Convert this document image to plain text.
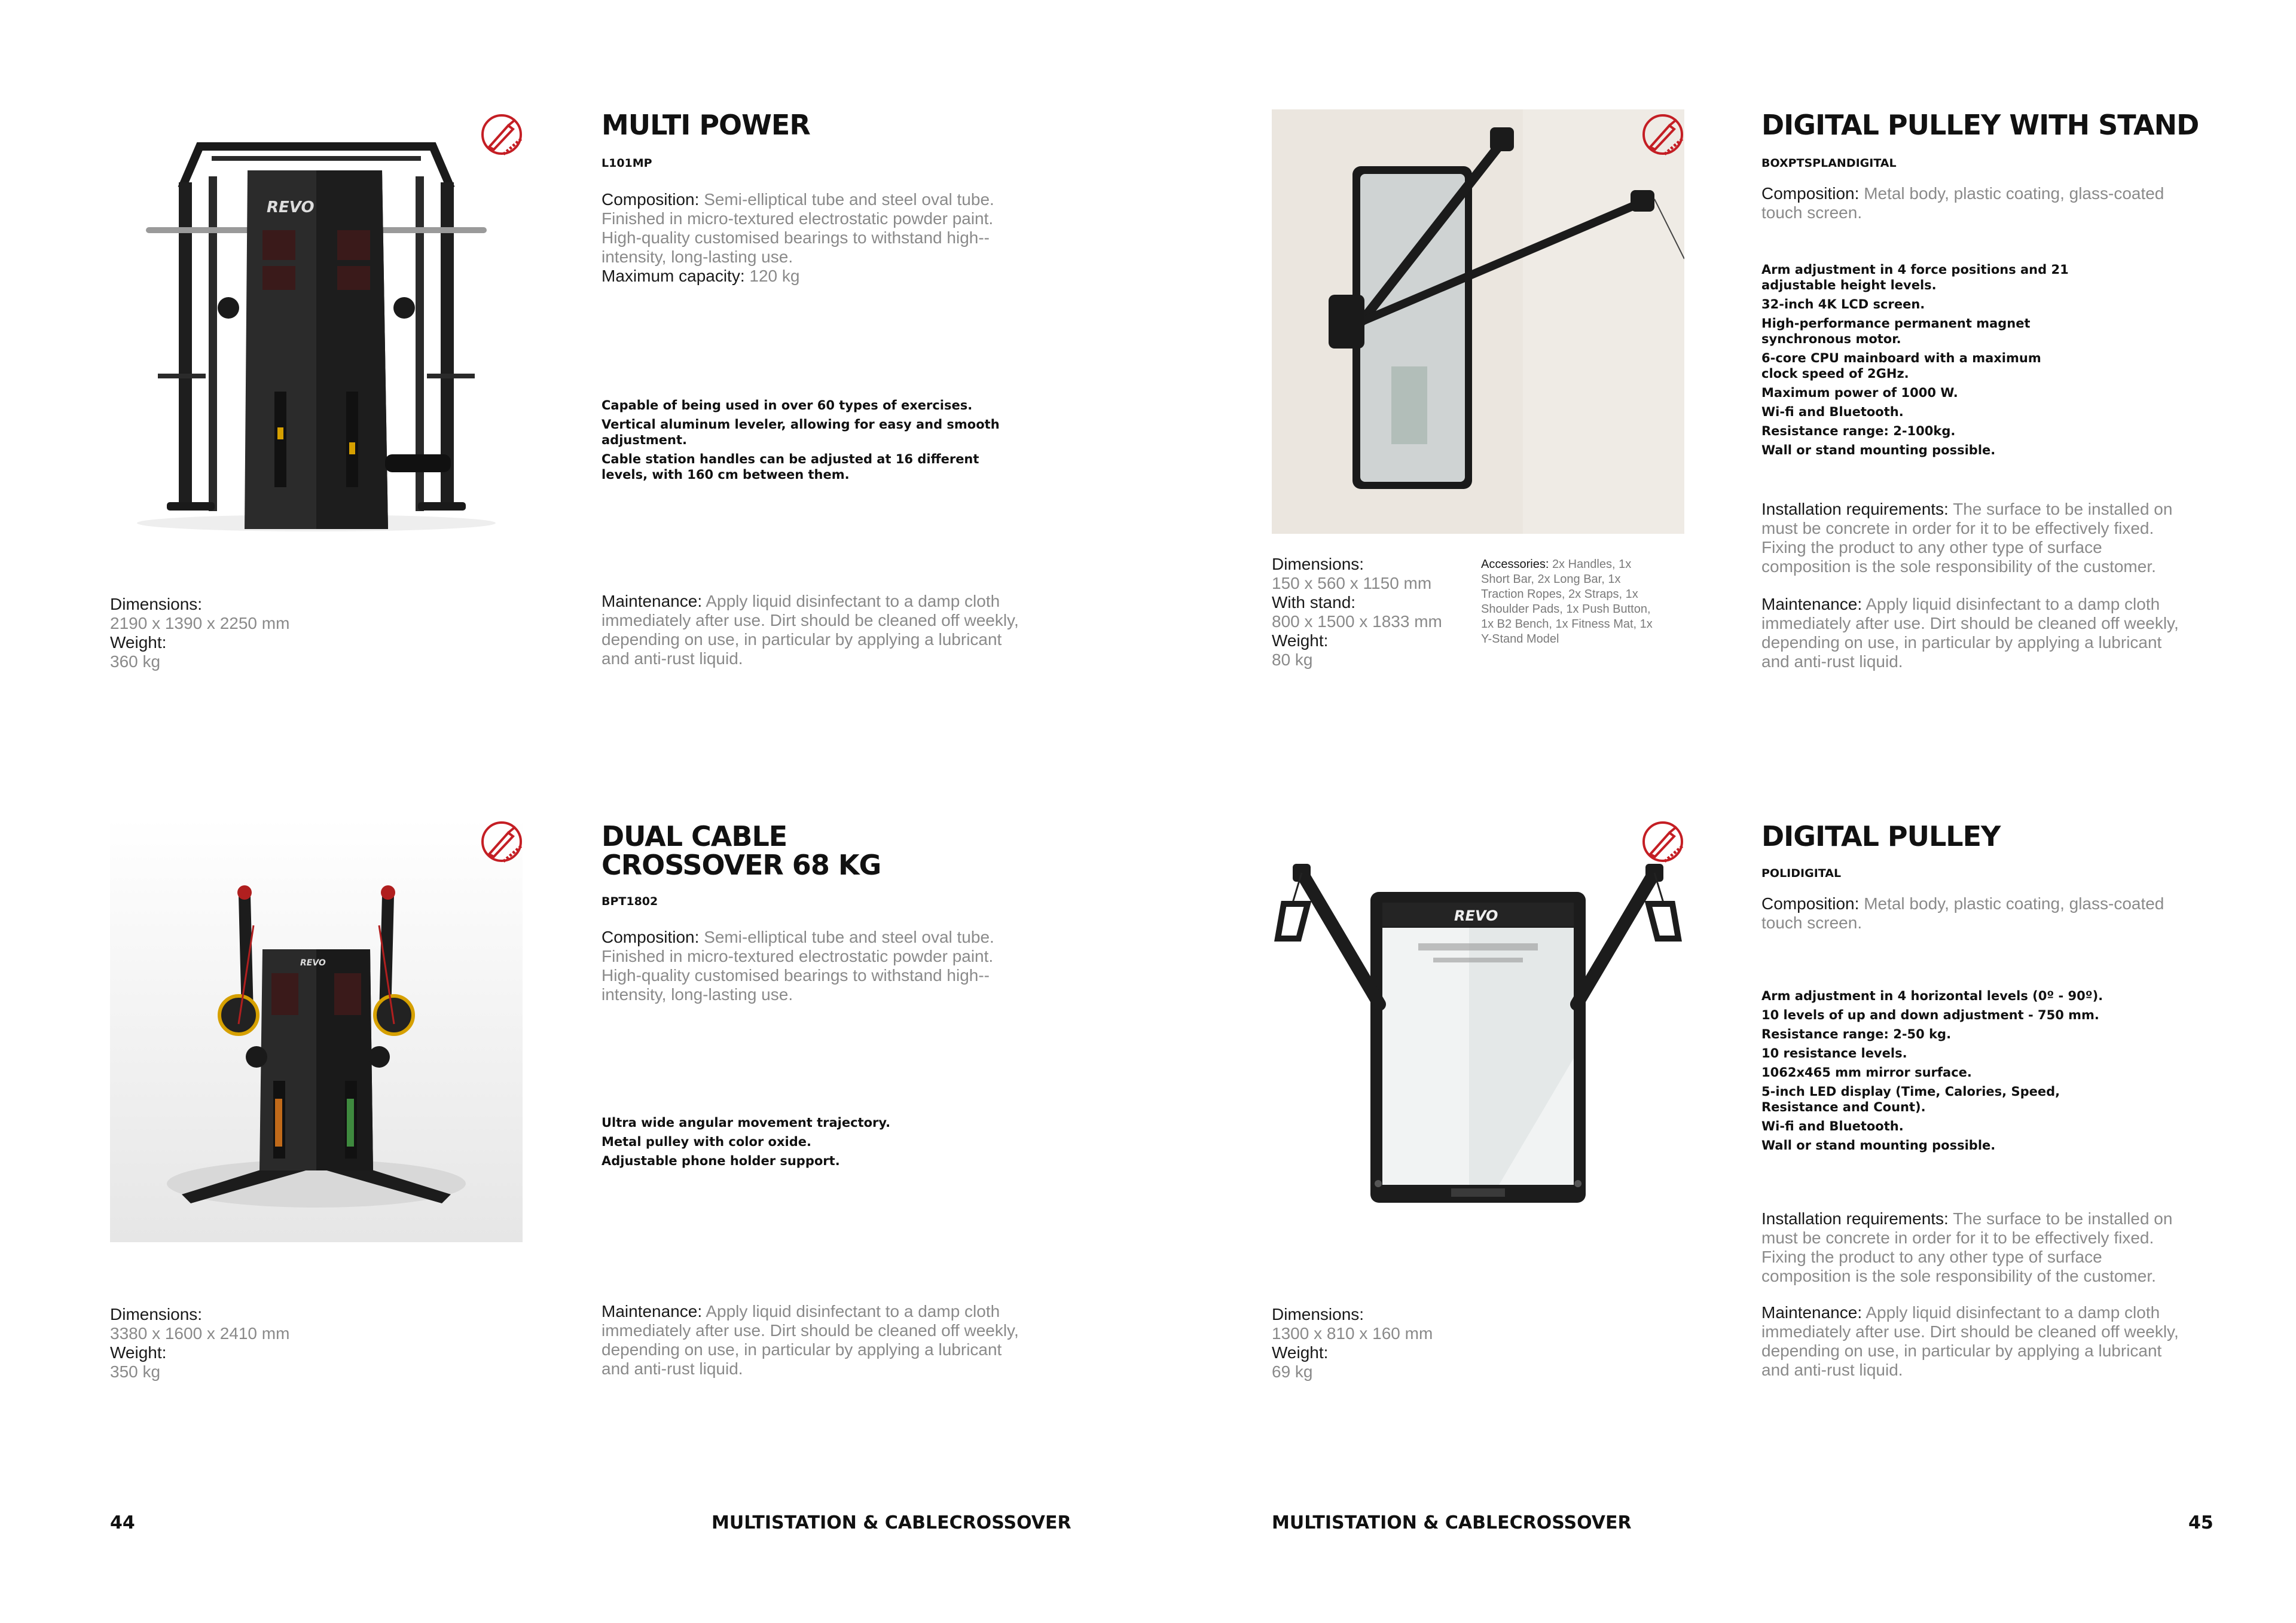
REVO
MULTI POWER
L101MP

Composition: Semi-elliptical tube and steel oval tube. Finished in micro-textured electrostatic powder paint. High-quality customised bearings to withstand high--intensity, long-lasting use.

Maximum capacity: 120 kg

Capable of being used in over 60 types of exercises.

Vertical aluminum leveler, allowing for easy and smooth adjustment.

Cable station handles can be adjusted at 16 different levels, with 160 cm between them.

Maintenance: Apply liquid disinfectant to a damp cloth immediately after use. Dirt should be cleaned off weekly, depending on use, in particular by applying a lubricant and anti-rust liquid.

Dimensions:
2190 x 1390 x 2250 mm
Weight:
360 kg
DIGITAL PULLEY WITH STAND
BOXPTSPLANDIGITAL

Composition: Metal body, plastic coating, glass-coated touch screen.

Arm adjustment in 4 force positions and 21 adjustable height levels.

32-inch 4K LCD screen.

High-performance permanent magnet synchronous motor.

6-core CPU mainboard with a maximum clock speed of 2GHz.

Maximum power of 1000 W.

Wi-fi and Bluetooth.

Resistance range: 2-100kg.

Wall or stand mounting possible.

Installation requirements: The surface to be installed on must be concrete in order for it to be effectively fixed. Fixing the product to any other type of surface composition is the sole responsibility of the customer.

Maintenance: Apply liquid disinfectant to a damp cloth immediately after use. Dirt should be cleaned off weekly, depending on use, in particular by applying a lubricant and anti-rust liquid.

Dimensions:
150 x 560 x 1150 mm
With stand:
800 x 1500 x 1833 mm
Weight:
80 kg
Accessories: 2x Handles, 1x Short Bar, 2x Long Bar, 1x Traction Ropes, 2x Straps, 1x Shoulder Pads, 1x Push Button, 1x B2 Bench, 1x Fitness Mat, 1x Y-Stand Model
REVO
DUAL CABLE
CROSSOVER 68 KG
BPT1802

Composition: Semi-elliptical tube and steel oval tube. Finished in micro-textured electrostatic powder paint. High-quality customised bearings to withstand high--intensity, long-lasting use.

Ultra wide angular movement trajectory.

Metal pulley with color oxide.

Adjustable phone holder support.

Maintenance: Apply liquid disinfectant to a damp cloth immediately after use. Dirt should be cleaned off weekly, depending on use, in particular by applying a lubricant and anti-rust liquid.

Dimensions:
3380 x 1600 x 2410 mm
Weight:
350 kg
REVO
DIGITAL PULLEY
POLIDIGITAL

Composition: Metal body, plastic coating, glass-coated touch screen.

Arm adjustment in 4 horizontal levels (0º - 90º).

10 levels of up and down adjustment - 750 mm.

Resistance range: 2-50 kg.

10 resistance levels.

1062x465 mm mirror surface.

5-inch LED display (Time, Calories, Speed, Resistance and Count).

Wi-fi and Bluetooth.

Wall or stand mounting possible.

Installation requirements: The surface to be installed on must be concrete in order for it to be effectively fixed. Fixing the product to any other type of surface composition is the sole responsibility of the customer.

Maintenance: Apply liquid disinfectant to a damp cloth immediately after use. Dirt should be cleaned off weekly, depending on use, in particular by applying a lubricant and anti-rust liquid.

Dimensions:
1300 x 810 x 160 mm
Weight:
69 kg
44	MULTISTATION & CABLECROSSOVER	MULTISTATION & CABLECROSSOVER	45
